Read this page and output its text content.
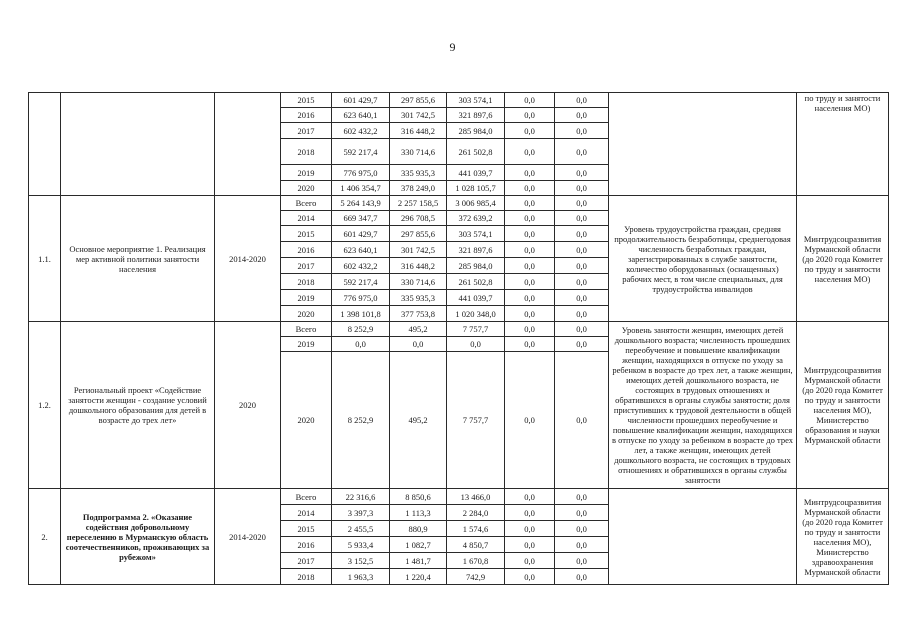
9
			2015	601 429,7	297 855,6	303 574,1	0,0	0,0		по труду и занятости населения МО)
			2016	623 640,1	301 742,5	321 897,6	0,0	0,0		
			2017	602 432,2	316 448,2	285 984,0	0,0	0,0		
			2018	592 217,4	330 714,6	261 502,8	0,0	0,0		
			2019	776 975,0	335 935,3	441 039,7	0,0	0,0		
			2020	1 406 354,7	378 249,0	1 028 105,7	0,0	0,0		
1.1.	Основное мероприятие 1. Реализация мер активной политики занятости населения	2014-2020	Всего	5 264 143,9	2 257 158,5	3 006 985,4	0,0	0,0	Уровень трудоустройства граждан, средняя продолжительность безработицы, среднегодовая численность безработных граждан, зарегистрированных в службе занятости, количество оборудованных (оснащенных) рабочих мест, в том числе специальных, для трудоустройства инвалидов	Минтрудсоцразвития Мурманской области (до 2020 года Комитет по труду и занятости населения МО)
			2014	669 347,7	296 708,5	372 639,2	0,0	0,0		
			2015	601 429,7	297 855,6	303 574,1	0,0	0,0		
			2016	623 640,1	301 742,5	321 897,6	0,0	0,0		
			2017	602 432,2	316 448,2	285 984,0	0,0	0,0		
			2018	592 217,4	330 714,6	261 502,8	0,0	0,0		
			2019	776 975,0	335 935,3	441 039,7	0,0	0,0		
			2020	1 398 101,8	377 753,8	1 020 348,0	0,0	0,0		
1.2.	Региональный проект «Содействие занятости женщин - создание условий дошкольного образования для детей в возрасте до трех лет»	2020	Всего	8 252,9	495,2	7 757,7	0,0	0,0	Уровень занятости женщин, имеющих детей дошкольного возраста; численность прошедших переобучение и повышение квалификации женщин, находящихся в отпуске по уходу за ребенком в возрасте до трех лет, а также женщин, имеющих детей дошкольного возраста, не состоящих в трудовых отношениях и обратившихся в органы службы занятости; доля приступивших к трудовой деятельности в общей численности прошедших переобучение и повышение квалификации женщин, находящихся в отпуске по уходу за ребенком в возрасте до трех лет, а также женщин, имеющих детей дошкольного возраста, не состоящих в трудовых отношениях и обратившихся в органы службы занятости	Минтрудсоцразвития Мурманской области (до 2020 года Комитет по труду и занятости населения МО), Министерство образования и науки Мурманской области
			2019	0,0	0,0	0,0	0,0	0,0		
			2020	8 252,9	495,2	7 757,7	0,0	0,0		
2.	Подпрограмма 2. «Оказание содействия добровольному переселению в Мурманскую область соотечественников, проживающих за рубежом»	2014-2020	Всего	22 316,6	8 850,6	13 466,0	0,0	0,0		Минтрудсоцразвития Мурманской области (до 2020 года Комитет по труду и занятости населения МО), Министерство здравоохранения Мурманской области
			2014	3 397,3	1 113,3	2 284,0	0,0	0,0		
			2015	2 455,5	880,9	1 574,6	0,0	0,0		
			2016	5 933,4	1 082,7	4 850,7	0,0	0,0		
			2017	3 152,5	1 481,7	1 670,8	0,0	0,0		
			2018	1 963,3	1 220,4	742,9	0,0	0,0		
